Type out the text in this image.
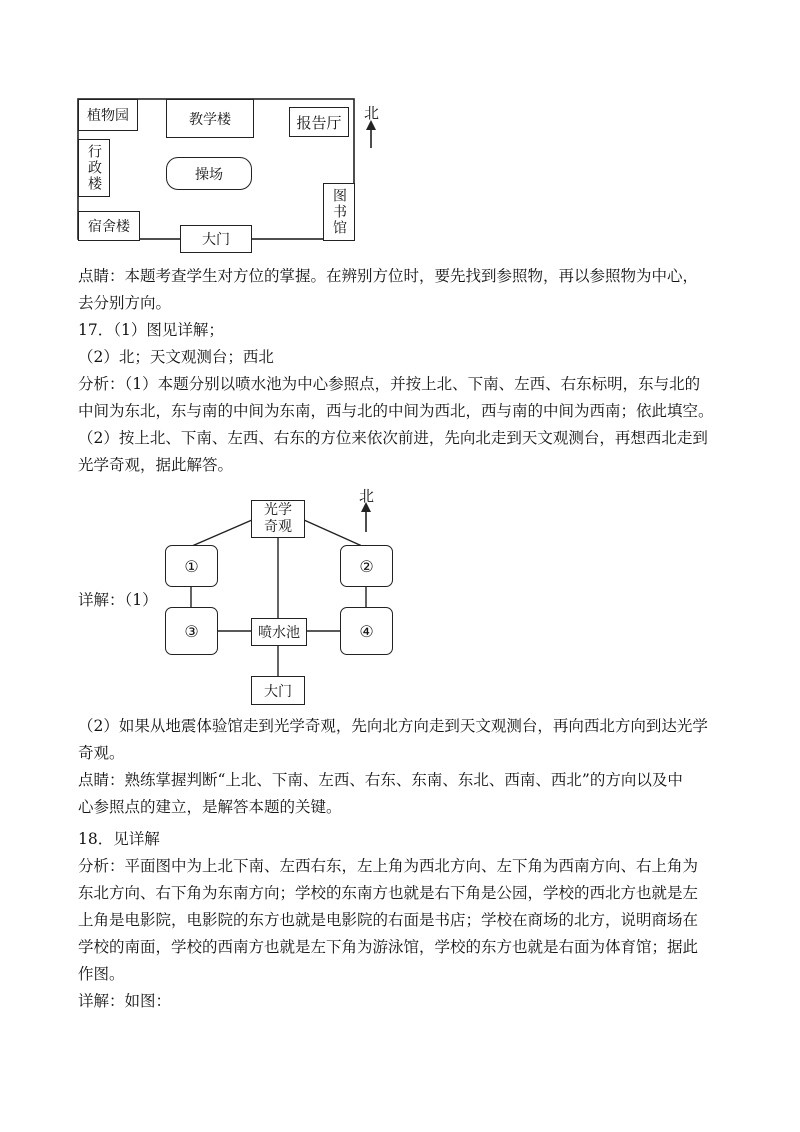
植物园	教学楼	报告厅
行政楼	操场
图书馆
宿舍楼
大门
北
点睛：本题考查学生对方位的掌握。在辨别方位时，要先找到参照物，再以参照物为中心，
去分别方向。
17．（1）图见详解；
（2）北；天文观测台；西北
分析：（1）本题分别以喷水池为中心参照点，并按上北、下南、左西、右东标明，东与北的
中间为东北，东与南的中间为东南，西与北的中间为西北，西与南的中间为西南；依此填空。
（2）按上北、下南、左西、右东的方位来依次前进，先向北走到天文观测台，再想西北走到
光学奇观，据此解答。
详解：（1）
光学
奇观
①	②
③	④
喷水池
大门
北
（2）如果从地震体验馆走到光学奇观，先向北方向走到天文观测台，再向西北方向到达光学
奇观。
点睛：熟练掌握判断“上北、下南、左西、右东、东南、东北、西南、西北”的方向以及中
心参照点的建立，是解答本题的关键。
18．见详解
分析：平面图中为上北下南、左西右东，左上角为西北方向、左下角为西南方向、右上角为
东北方向、右下角为东南方向；学校的东南方也就是右下角是公园，学校的西北方也就是左
上角是电影院，电影院的东方也就是电影院的右面是书店；学校在商场的北方，说明商场在
学校的南面，学校的西南方也就是左下角为游泳馆，学校的东方也就是右面为体育馆；据此
作图。
详解：如图：
